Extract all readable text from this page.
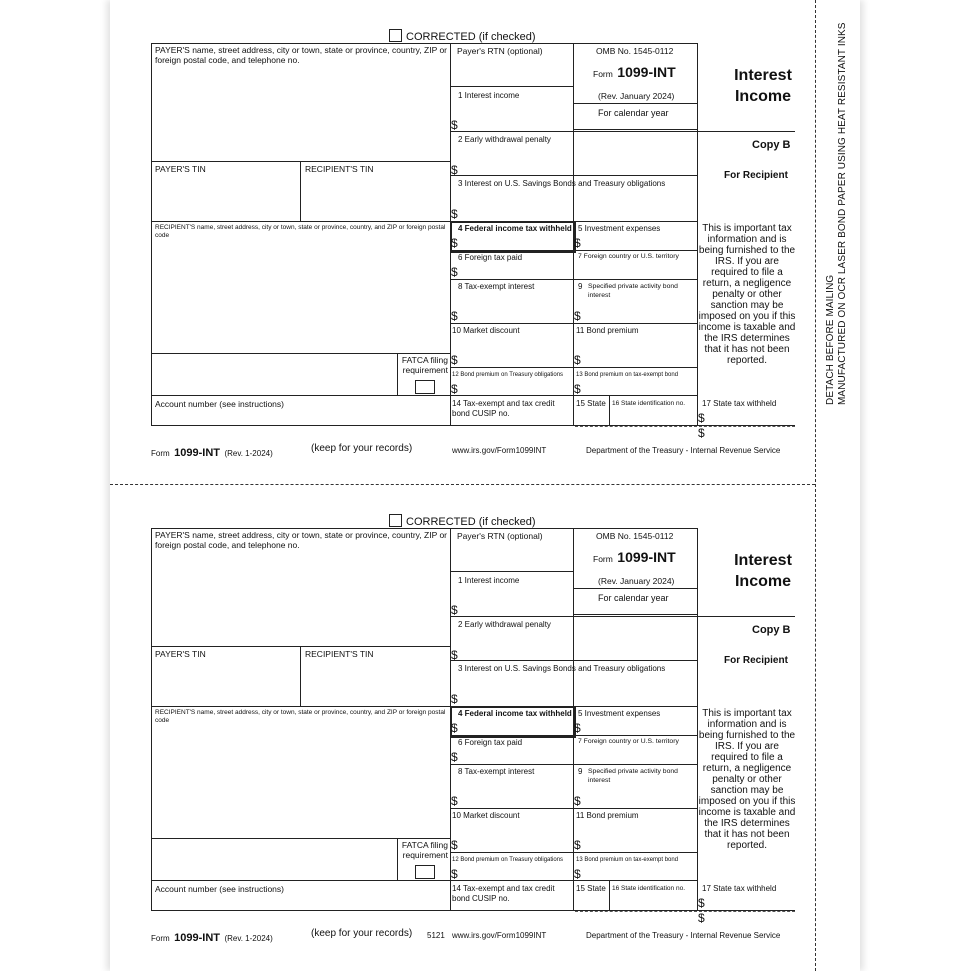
DETACH BEFORE MAILING MANUFACTURED ON OCR LASER BOND PAPER USING HEAT RESISTANT INKS
CORRECTED (if checked)
PAYER'S name, street address, city or town, state or province, country, ZIP or foreign postal code, and telephone no.
Payer's RTN (optional)	OMB No. 1545-0112
Form 1099-INT
(Rev. January 2024)
For calendar year
Interest
Income
Copy B
For Recipient
This is important tax information and is being furnished to the IRS. If you are required to file a return, a negligence penalty or other sanction may be imposed on you if this income is taxable and the IRS determines that it has not been reported.
1 Interest income
$
2 Early withdrawal penalty
$
PAYER'S TIN	RECIPIENT'S TIN
3 Interest on U.S. Savings Bonds and Treasury obligations
$
RECIPIENT'S name, street address, city or town, state or province, country, and ZIP or foreign postal code
4 Federal income tax withheld
$
5 Investment expenses
$
6 Foreign tax paid
$
7 Foreign country or U.S. territory
8 Tax-exempt interest
$
9 Specified private activity bond interest
$
10 Market discount
$
11 Bond premium
$
FATCA filing requirement 12 Bond premium on Treasury obligations
$
13 Bond premium on tax-exempt bond
$
Account number (see instructions)	14 Tax-exempt and tax credit bond CUSIP no.
15 State 16 State identification no. 17 State tax withheld
$
$
Form 1099-INT (Rev. 1-2024)	(keep for your records)	www.irs.gov/Form1099INT	Department of the Treasury - Internal Revenue Service
CORRECTED (if checked)
PAYER'S name, street address, city or town, state or province, country, ZIP or foreign postal code, and telephone no.
Payer's RTN (optional)	OMB No. 1545-0112
Form 1099-INT
(Rev. January 2024)
For calendar year
Interest
Income
Copy B
For Recipient
This is important tax information and is being furnished to the IRS. If you are required to file a return, a negligence penalty or other sanction may be imposed on you if this income is taxable and the IRS determines that it has not been reported.
1 Interest income
$
2 Early withdrawal penalty
$
PAYER'S TIN	RECIPIENT'S TIN
3 Interest on U.S. Savings Bonds and Treasury obligations
$
RECIPIENT'S name, street address, city or town, state or province, country, and ZIP or foreign postal code
4 Federal income tax withheld
$
5 Investment expenses
$
6 Foreign tax paid
$
7 Foreign country or U.S. territory
8 Tax-exempt interest
$
9 Specified private activity bond interest
$
10 Market discount
$
11 Bond premium
$
FATCA filing requirement 12 Bond premium on Treasury obligations
$
13 Bond premium on tax-exempt bond
$
Account number (see instructions)	14 Tax-exempt and tax credit bond CUSIP no.
15 State 16 State identification no. 17 State tax withheld
$
$
Form 1099-INT (Rev. 1-2024)	(keep for your records) 5121 www.irs.gov/Form1099INT	Department of the Treasury - Internal Revenue Service
